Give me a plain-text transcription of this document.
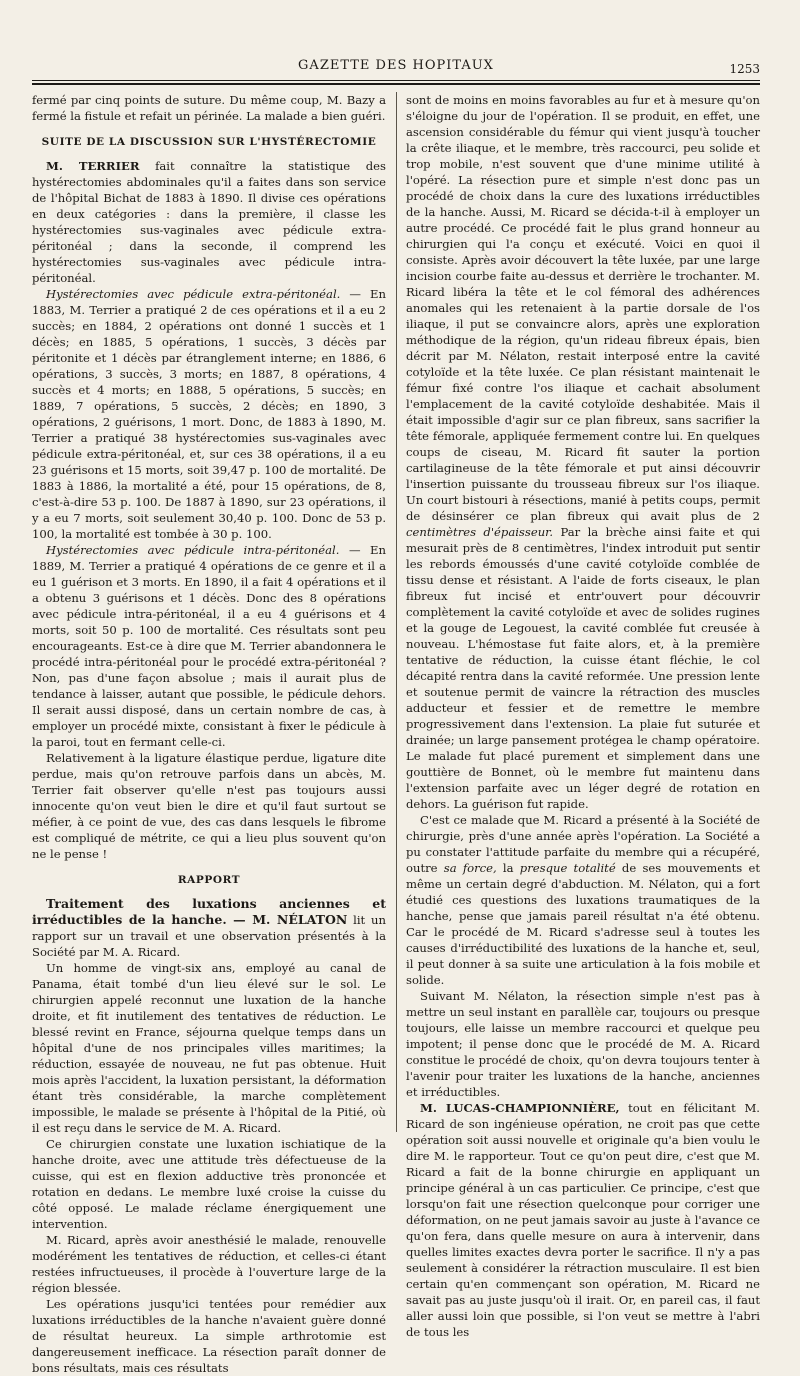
GAZETTE DES HOPITAUX	1253

fermé par cinq points de suture. Du même coup, M. Bazy a fermé la fistule et refait un périnée. La malade a bien guéri.

SUITE DE LA DISCUSSION SUR L'HYSTÉRECTOMIE

M. TERRIER fait connaître la statistique des hystérectomies abdominales qu'il a faites dans son service de l'hôpital Bichat de 1883 à 1890. Il divise ces opérations en deux catégories : dans la première, il classe les hystérectomies sus-vaginales avec pédicule extra-péritonéal ; dans la seconde, il comprend les hystérectomies sus-vaginales avec pédicule intra-péritonéal.

Hystérectomies avec pédicule extra-péritonéal. — En 1883, M. Terrier a pratiqué 2 de ces opérations et il a eu 2 succès; en 1884, 2 opérations ont donné 1 succès et 1 décès; en 1885, 5 opérations, 1 succès, 3 décès par péritonite et 1 décès par étranglement interne; en 1886, 6 opérations, 3 succès, 3 morts; en 1887, 8 opérations, 4 succès et 4 morts; en 1888, 5 opérations, 5 succès; en 1889, 7 opérations, 5 succès, 2 décès; en 1890, 3 opérations, 2 guérisons, 1 mort. Donc, de 1883 à 1890, M. Terrier a pratiqué 38 hystérectomies sus-vaginales avec pédicule extra-péritonéal, et, sur ces 38 opérations, il a eu 23 guérisons et 15 morts, soit 39,47 p. 100 de mortalité. De 1883 à 1886, la mortalité a été, pour 15 opérations, de 8, c'est-à-dire 53 p. 100. De 1887 à 1890, sur 23 opérations, il y a eu 7 morts, soit seulement 30,40 p. 100. Donc de 53 p. 100, la mortalité est tombée à 30 p. 100.

Hystérectomies avec pédicule intra-péritonéal. — En 1889, M. Terrier a pratiqué 4 opérations de ce genre et il a eu 1 guérison et 3 morts. En 1890, il a fait 4 opérations et il a obtenu 3 guérisons et 1 décès. Donc des 8 opérations avec pédicule intra-péritonéal, il a eu 4 guérisons et 4 morts, soit 50 p. 100 de mortalité. Ces résultats sont peu encourageants. Est-ce à dire que M. Terrier abandonnera le procédé intra-péritonéal pour le procédé extra-péritonéal ? Non, pas d'une façon absolue ; mais il aurait plus de tendance à laisser, autant que possible, le pédicule dehors. Il serait aussi disposé, dans un certain nombre de cas, à employer un procédé mixte, consistant à fixer le pédicule à la paroi, tout en fermant celle-ci.

Relativement à la ligature élastique perdue, ligature dite perdue, mais qu'on retrouve parfois dans un abcès, M. Terrier fait observer qu'elle n'est pas toujours aussi innocente qu'on veut bien le dire et qu'il faut surtout se méfier, à ce point de vue, des cas dans lesquels le fibrome est compliqué de métrite, ce qui a lieu plus souvent qu'on ne le pense !

RAPPORT

Traitement des luxations anciennes et irréductibles de la hanche. — M. NÉLATON lit un rapport sur un travail et une observation présentés à la Société par M. A. Ricard.

Un homme de vingt-six ans, employé au canal de Panama, était tombé d'un lieu élevé sur le sol. Le chirurgien appelé reconnut une luxation de la hanche droite, et fit inutilement des tentatives de réduction. Le blessé revint en France, séjourna quelque temps dans un hôpital d'une de nos principales villes maritimes; la réduction, essayée de nouveau, ne fut pas obtenue. Huit mois après l'accident, la luxation persistant, la déformation étant très considérable, la marche complètement impossible, le malade se présente à l'hôpital de la Pitié, où il est reçu dans le service de M. A. Ricard.

Ce chirurgien constate une luxation ischiatique de la hanche droite, avec une attitude très défectueuse de la cuisse, qui est en flexion adductive très prononcée et rotation en dedans. Le membre luxé croise la cuisse du côté opposé. Le malade réclame énergiquement une intervention.

M. Ricard, après avoir anesthésié le malade, renouvelle modérément les tentatives de réduction, et celles-ci étant restées infructueuses, il procède à l'ouverture large de la région blessée.

Les opérations jusqu'ici tentées pour remédier aux luxations irréductibles de la hanche n'avaient guère donné de résultat heureux. La simple arthrotomie est dangereusement inefficace. La résection paraît donner de bons résultats, mais ces résultats

sont de moins en moins favorables au fur et à mesure qu'on s'éloigne du jour de l'opération. Il se produit, en effet, une ascension considérable du fémur qui vient jusqu'à toucher la crête iliaque, et le membre, très raccourci, peu solide et trop mobile, n'est souvent que d'une minime utilité à l'opéré. La résection pure et simple n'est donc pas un procédé de choix dans la cure des luxations irréductibles de la hanche. Aussi, M. Ricard se décida-t-il à employer un autre procédé. Ce procédé fait le plus grand honneur au chirurgien qui l'a conçu et exécuté. Voici en quoi il consiste. Après avoir découvert la tête luxée, par une large incision courbe faite au-dessus et derrière le trochanter. M. Ricard libéra la tête et le col fémoral des adhérences anomales qui les retenaient à la partie dorsale de l'os iliaque, il put se convaincre alors, après une exploration méthodique de la région, qu'un rideau fibreux épais, bien décrit par M. Nélaton, restait interposé entre la cavité cotyloïde et la tête luxée. Ce plan résistant maintenait le fémur fixé contre l'os iliaque et cachait absolument l'emplacement de la cavité cotyloïde deshabitée. Mais il était impossible d'agir sur ce plan fibreux, sans sacrifier la tête fémorale, appliquée fermement contre lui. En quelques coups de ciseau, M. Ricard fit sauter la portion cartilagineuse de la tête fémorale et put ainsi découvrir l'insertion puissante du trousseau fibreux sur l'os iliaque. Un court bistouri à résections, manié à petits coups, permit de désinsérer ce plan fibreux qui avait plus de 2 centimètres d'épaisseur. Par la brèche ainsi faite et qui mesurait près de 8 centimètres, l'index introduit put sentir les rebords émoussés d'une cavité cotyloïde comblée de tissu dense et résistant. A l'aide de forts ciseaux, le plan fibreux fut incisé et entr'ouvert pour découvrir complètement la cavité cotyloïde et avec de solides rugines et la gouge de Legouest, la cavité comblée fut creusée à nouveau. L'hémostase fut faite alors, et, à la première tentative de réduction, la cuisse étant fléchie, le col décapité rentra dans la cavité reformée. Une pression lente et soutenue permit de vaincre la rétraction des muscles adducteur et fessier et de remettre le membre progressivement dans l'extension. La plaie fut suturée et drainée; un large pansement protégea le champ opératoire. Le malade fut placé purement et simplement dans une gouttière de Bonnet, où le membre fut maintenu dans l'extension parfaite avec un léger degré de rotation en dehors. La guérison fut rapide.

C'est ce malade que M. Ricard a présenté à la Société de chirurgie, près d'une année après l'opération. La Société a pu constater l'attitude parfaite du membre qui a récupéré, outre sa force, la presque totalité de ses mouvements et même un certain degré d'abduction. M. Nélaton, qui a fort étudié ces questions des luxations traumatiques de la hanche, pense que jamais pareil résultat n'a été obtenu. Car le procédé de M. Ricard s'adresse seul à toutes les causes d'irréductibilité des luxations de la hanche et, seul, il peut donner à sa suite une articulation à la fois mobile et solide.

Suivant M. Nélaton, la résection simple n'est pas à mettre un seul instant en parallèle car, toujours ou presque toujours, elle laisse un membre raccourci et quelque peu impotent; il pense donc que le procédé de M. A. Ricard constitue le procédé de choix, qu'on devra toujours tenter à l'avenir pour traiter les luxations de la hanche, anciennes et irréductibles.

M. LUCAS-CHAMPIONNIÈRE, tout en félicitant M. Ricard de son ingénieuse opération, ne croit pas que cette opération soit aussi nouvelle et originale qu'a bien voulu le dire M. le rapporteur. Tout ce qu'on peut dire, c'est que M. Ricard a fait de la bonne chirurgie en appliquant un principe général à un cas particulier. Ce principe, c'est que lorsqu'on fait une résection quelconque pour corriger une déformation, on ne peut jamais savoir au juste à l'avance ce qu'on fera, dans quelle mesure on aura à intervenir, dans quelles limites exactes devra porter le sacrifice. Il n'y a pas seulement à considérer la rétraction musculaire. Il est bien certain qu'en commençant son opération, M. Ricard ne savait pas au juste jusqu'où il irait. Or, en pareil cas, il faut aller aussi loin que possible, si l'on veut se mettre à l'abri de tous les
